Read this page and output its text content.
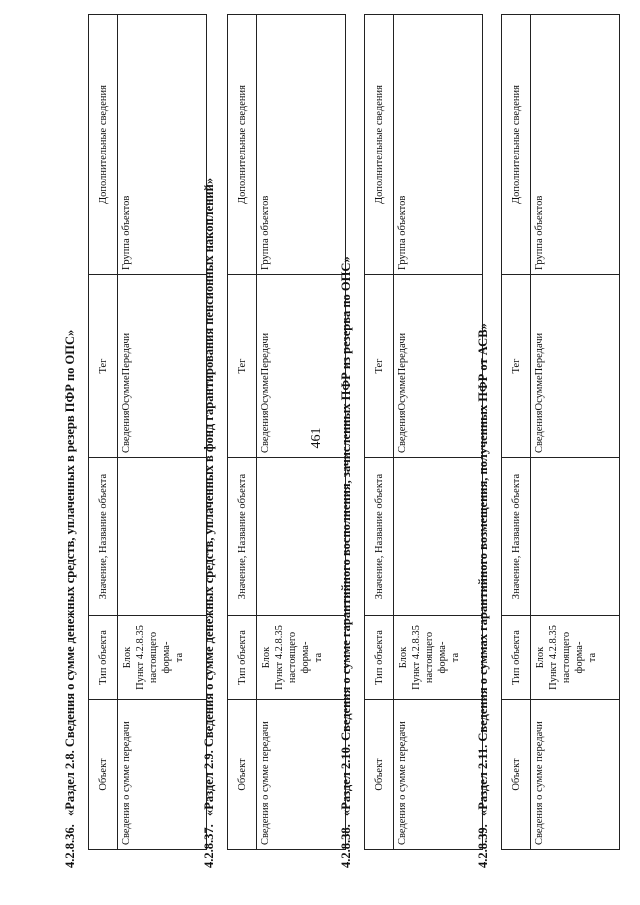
461
4.2.8.36.«Раздел 2.8. Сведения о сумме денежных средств, уплаченных в резерв ПФР по ОПС»	Объект	Тип объекта	Значение, Название объекта	Тег	Дополнительные сведения
Сведения о сумме передачи	Блок Пункт 4.2.8.35 настоящего форма- та		СведенияОсуммеПередачи	Группа объектов
4.2.8.37.«Раздел 2.9. Сведения о сумме денежных средств, уплаченных в фонд гарантирования пенсионных накоплений»	Объект	Тип объекта	Значение, Название объекта	Тег	Дополнительные сведения
Сведения о сумме передачи	Блок Пункт 4.2.8.35 настоящего форма- та		СведенияОсуммеПередачи	Группа объектов
4.2.8.38.«Раздел 2.10. Сведения о сумме гарантийного восполнения, зачисленных ПФР из резерва по ОПС»	Объект	Тип объекта	Значение, Название объекта	Тег	Дополнительные сведения
Сведения о сумме передачи	Блок Пункт 4.2.8.35 настоящего форма- та		СведенияОсуммеПередачи	Группа объектов
4.2.8.39.«Раздел 2.11. Сведения о суммах гарантийного возмещения, полученных ПФР от АСВ»	Объект	Тип объекта	Значение, Название объекта	Тег	Дополнительные сведения
Сведения о сумме передачи	Блок Пункт 4.2.8.35 настоящего форма- та		СведенияОсуммеПередачи	Группа объектов
